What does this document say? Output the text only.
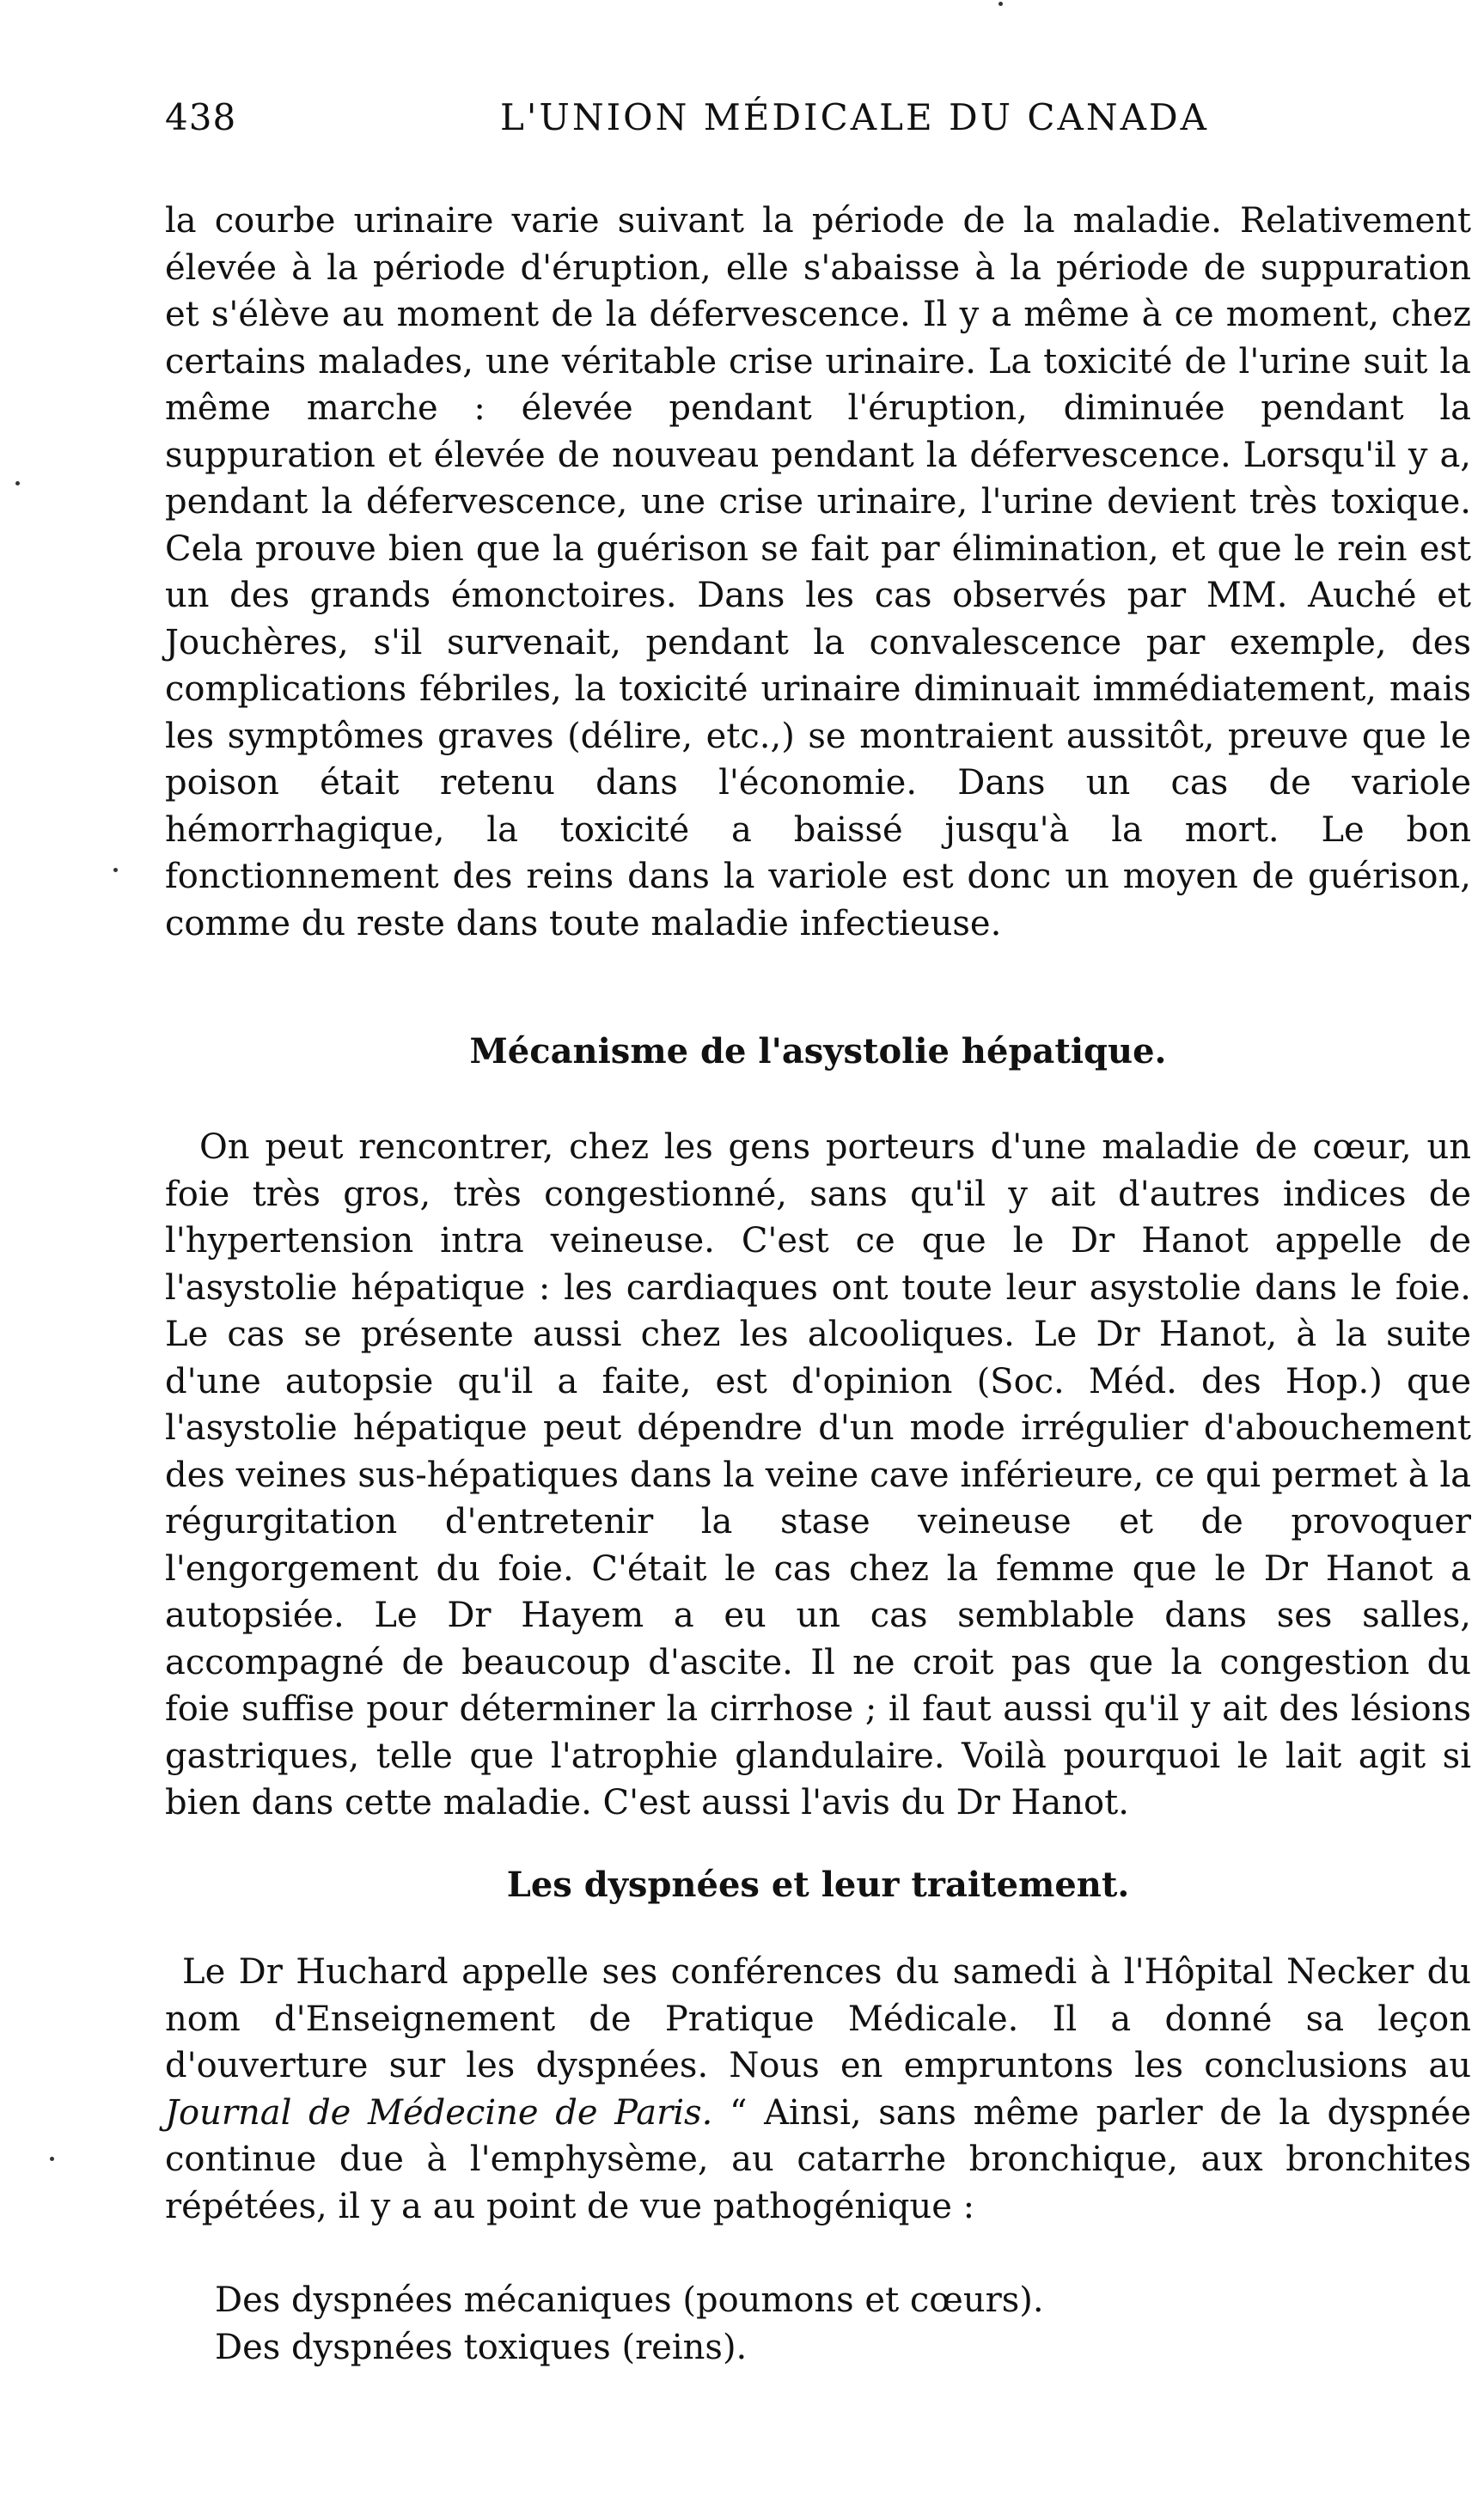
438	L'UNION MÉDICALE DU CANADA

la courbe urinaire varie suivant la période de la maladie. Relativement élevée à la période d'éruption, elle s'abaisse à la période de suppuration et s'élève au moment de la défervescence. Il y a même à ce moment, chez certains malades, une véritable crise urinaire. La toxicité de l'urine suit la même marche : élevée pendant l'éruption, diminuée pendant la suppuration et élevée de nouveau pendant la défervescence. Lorsqu'il y a, pendant la défervescence, une crise urinaire, l'urine devient très toxique. Cela prouve bien que la guérison se fait par élimination, et que le rein est un des grands émonctoires. Dans les cas observés par MM. Auché et Jouchères, s'il survenait, pendant la convalescence par exemple, des complications fébriles, la toxicité urinaire diminuait immédiatement, mais les symptômes graves (délire, etc.,) se montraient aussitôt, preuve que le poison était retenu dans l'économie. Dans un cas de variole hémorrhagique, la toxicité a baissé jusqu'à la mort. Le bon fonctionnement des reins dans la variole est donc un moyen de guérison, comme du reste dans toute maladie infectieuse.

Mécanisme de l'asystolie hépatique.

On peut rencontrer, chez les gens porteurs d'une maladie de cœur, un foie très gros, très congestionné, sans qu'il y ait d'autres indices de l'hypertension intra veineuse. C'est ce que le Dr Hanot appelle de l'asystolie hépatique : les cardiaques ont toute leur asystolie dans le foie. Le cas se présente aussi chez les alcooliques. Le Dr Hanot, à la suite d'une autopsie qu'il a faite, est d'opinion (Soc. Méd. des Hop.) que l'asystolie hépatique peut dépendre d'un mode irrégulier d'abouchement des veines sus-hépatiques dans la veine cave inférieure, ce qui permet à la régurgitation d'entretenir la stase veineuse et de provoquer l'engorgement du foie. C'était le cas chez la femme que le Dr Hanot a autopsiée. Le Dr Hayem a eu un cas semblable dans ses salles, accompagné de beaucoup d'ascite. Il ne croit pas que la congestion du foie suffise pour déterminer la cirrhose ; il faut aussi qu'il y ait des lésions gastriques, telle que l'atrophie glandulaire. Voilà pourquoi le lait agit si bien dans cette maladie. C'est aussi l'avis du Dr Hanot.

Les dyspnées et leur traitement.

Le Dr Huchard appelle ses conférences du samedi à l'Hôpital Necker du nom d'Enseignement de Pratique Médicale. Il a donné sa leçon d'ouverture sur les dyspnées. Nous en empruntons les conclusions au Journal de Médecine de Paris. “ Ainsi, sans même parler de la dyspnée continue due à l'emphysème, au catarrhe bronchique, aux bronchites répétées, il y a au point de vue pathogénique :

Des dyspnées mécaniques (poumons et cœurs).
Des dyspnées toxiques (reins).
